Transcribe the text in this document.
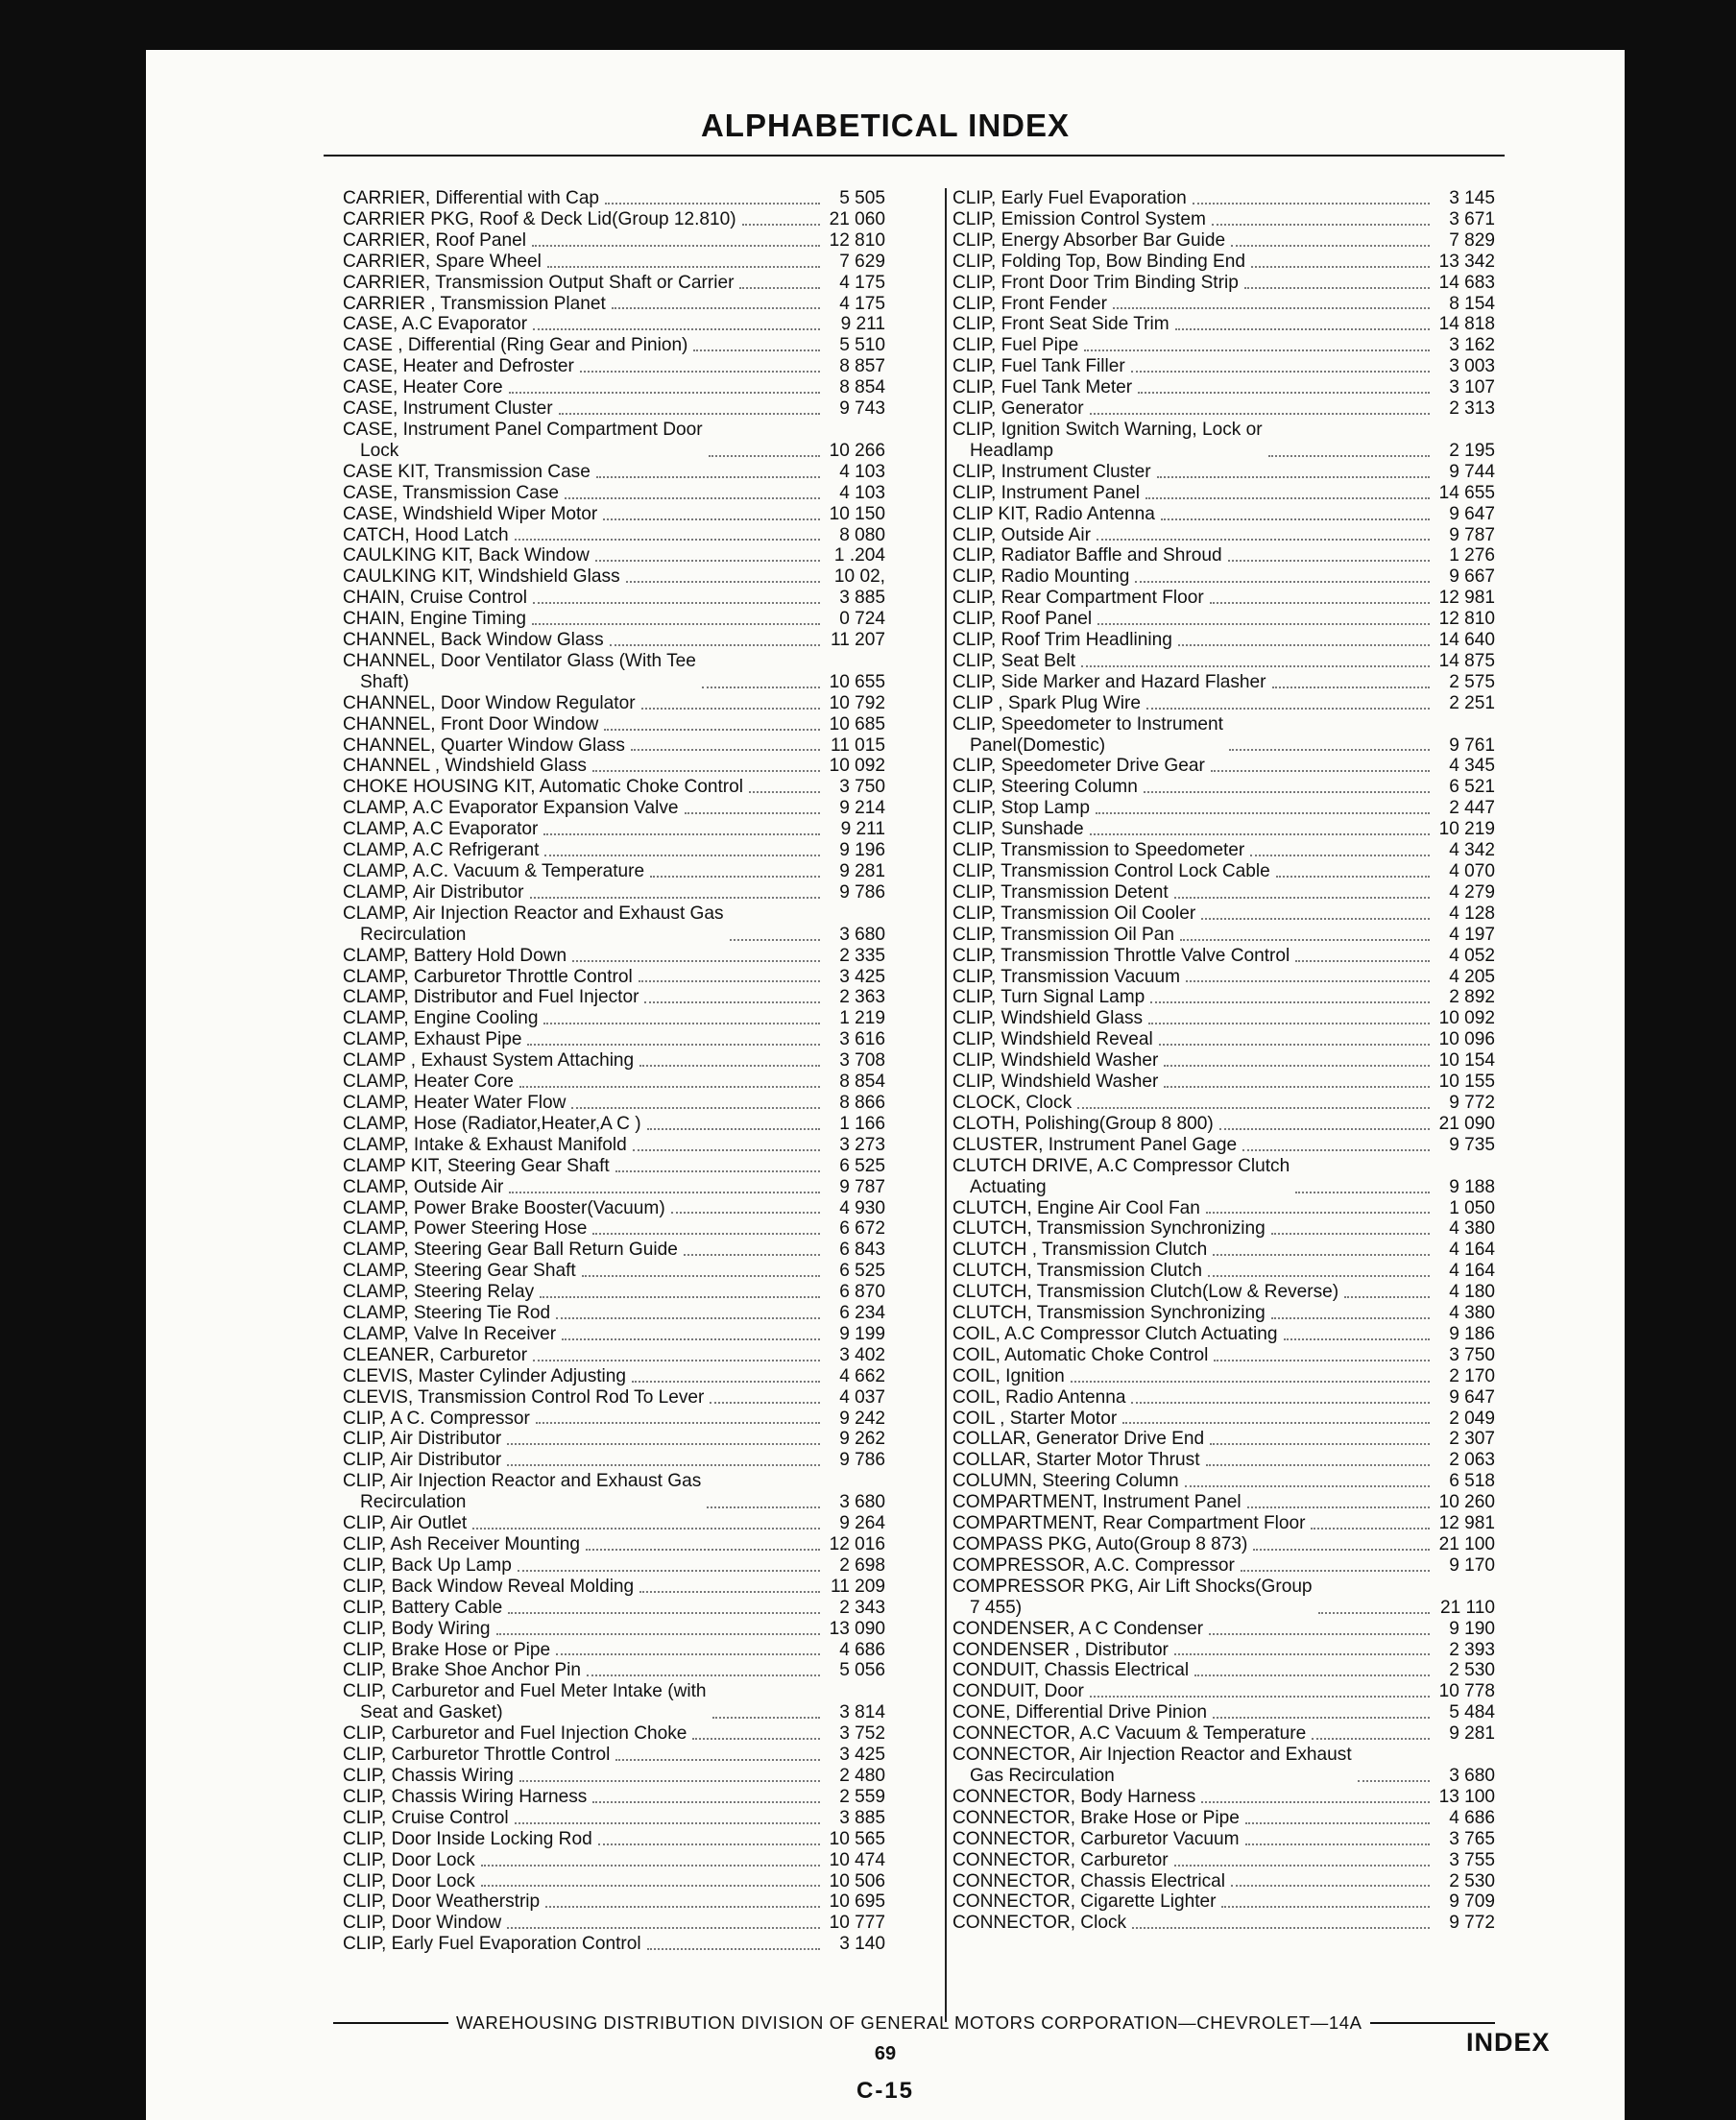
ALPHABETICAL INDEX
CARRIER, Differential with Cap	5 505
CARRIER PKG, Roof & Deck Lid(Group 12.810)	21 060
CARRIER, Roof Panel	12 810
CARRIER, Spare Wheel	7 629
CARRIER, Transmission Output Shaft or Carrier	4 175
CARRIER , Transmission Planet	4 175
CASE, A.C Evaporator	9 211
CASE , Differential (Ring Gear and Pinion)	5 510
CASE, Heater and Defroster	8 857
CASE, Heater Core	8 854
CASE, Instrument Cluster	9 743
CASE, Instrument Panel Compartment Door
Lock	10 266
CASE KIT, Transmission Case	4 103
CASE, Transmission Case	4 103
CASE, Windshield Wiper Motor	10 150
CATCH, Hood Latch	8 080
CAULKING KIT, Back Window	1 .204
CAULKING KIT, Windshield Glass	10 02,
CHAIN, Cruise Control	3 885
CHAIN, Engine Timing	0 724
CHANNEL, Back Window Glass	11 207
CHANNEL, Door Ventilator Glass (With Tee
Shaft)	10 655
CHANNEL, Door Window Regulator	10 792
CHANNEL, Front Door Window	10 685
CHANNEL, Quarter Window Glass	11 015
CHANNEL , Windshield Glass	10 092
CHOKE HOUSING KIT, Automatic Choke Control	3 750
CLAMP, A.C Evaporator Expansion Valve	9 214
CLAMP, A.C Evaporator	9 211
CLAMP, A.C Refrigerant	9 196
CLAMP, A.C. Vacuum & Temperature	9 281
CLAMP, Air Distributor	9 786
CLAMP, Air Injection Reactor and Exhaust Gas
Recirculation	3 680
CLAMP, Battery Hold Down	2 335
CLAMP, Carburetor Throttle Control	3 425
CLAMP, Distributor and Fuel Injector	2 363
CLAMP, Engine Cooling	1 219
CLAMP, Exhaust Pipe	3 616
CLAMP , Exhaust System Attaching	3 708
CLAMP, Heater Core	8 854
CLAMP, Heater Water Flow	8 866
CLAMP, Hose (Radiator,Heater,A C )	1 166
CLAMP, Intake & Exhaust Manifold	3 273
CLAMP KIT, Steering Gear Shaft	6 525
CLAMP, Outside Air	9 787
CLAMP, Power Brake Booster(Vacuum)	4 930
CLAMP, Power Steering Hose	6 672
CLAMP, Steering Gear Ball Return Guide	6 843
CLAMP, Steering Gear Shaft	6 525
CLAMP, Steering Relay	6 870
CLAMP, Steering Tie Rod	6 234
CLAMP, Valve In Receiver	9 199
CLEANER, Carburetor	3 402
CLEVIS, Master Cylinder Adjusting	4 662
CLEVIS, Transmission Control Rod To Lever	4 037
CLIP, A C. Compressor	9 242
CLIP, Air Distributor	9 262
CLIP, Air Distributor	9 786
CLIP, Air Injection Reactor and Exhaust Gas
Recirculation	3 680
CLIP, Air Outlet	9 264
CLIP, Ash Receiver Mounting	12 016
CLIP, Back Up Lamp	2 698
CLIP, Back Window Reveal Molding	11 209
CLIP, Battery Cable	2 343
CLIP, Body Wiring	13 090
CLIP, Brake Hose or Pipe	4 686
CLIP, Brake Shoe Anchor Pin	5 056
CLIP, Carburetor and Fuel Meter Intake (with
Seat and Gasket)	3 814
CLIP, Carburetor and Fuel Injection Choke	3 752
CLIP, Carburetor Throttle Control	3 425
CLIP, Chassis Wiring	2 480
CLIP, Chassis Wiring Harness	2 559
CLIP, Cruise Control	3 885
CLIP, Door Inside Locking Rod	10 565
CLIP, Door Lock	10 474
CLIP, Door Lock	10 506
CLIP, Door Weatherstrip	10 695
CLIP, Door Window	10 777
CLIP, Early Fuel Evaporation Control	3 140
CLIP, Early Fuel Evaporation	3 145
CLIP, Emission Control System	3 671
CLIP, Energy Absorber Bar Guide	7 829
CLIP, Folding Top, Bow Binding End	13 342
CLIP, Front Door Trim Binding Strip	14 683
CLIP, Front Fender	8 154
CLIP, Front Seat Side Trim	14 818
CLIP, Fuel Pipe	3 162
CLIP, Fuel Tank Filler	3 003
CLIP, Fuel Tank Meter	3 107
CLIP, Generator	2 313
CLIP, Ignition Switch Warning, Lock or
Headlamp	2 195
CLIP, Instrument Cluster	9 744
CLIP, Instrument Panel	14 655
CLIP KIT, Radio Antenna	9 647
CLIP, Outside Air	9 787
CLIP, Radiator Baffle and Shroud	1 276
CLIP, Radio Mounting	9 667
CLIP, Rear Compartment Floor	12 981
CLIP, Roof Panel	12 810
CLIP, Roof Trim Headlining	14 640
CLIP, Seat Belt	14 875
CLIP, Side Marker and Hazard Flasher	2 575
CLIP , Spark Plug Wire	2 251
CLIP, Speedometer to Instrument
Panel(Domestic)	9 761
CLIP, Speedometer Drive Gear	4 345
CLIP, Steering Column	6 521
CLIP, Stop Lamp	2 447
CLIP, Sunshade	10 219
CLIP, Transmission to Speedometer	4 342
CLIP, Transmission Control Lock Cable	4 070
CLIP, Transmission Detent	4 279
CLIP, Transmission Oil Cooler	4 128
CLIP, Transmission Oil Pan	4 197
CLIP, Transmission Throttle Valve Control	4 052
CLIP, Transmission Vacuum	4 205
CLIP, Turn Signal Lamp	2 892
CLIP, Windshield Glass	10 092
CLIP, Windshield Reveal	10 096
CLIP, Windshield Washer	10 154
CLIP, Windshield Washer	10 155
CLOCK, Clock	9 772
CLOTH, Polishing(Group 8 800)	21 090
CLUSTER, Instrument Panel Gage	9 735
CLUTCH DRIVE, A.C Compressor Clutch
Actuating	9 188
CLUTCH, Engine Air Cool Fan	1 050
CLUTCH, Transmission Synchronizing	4 380
CLUTCH , Transmission Clutch	4 164
CLUTCH, Transmission Clutch	4 164
CLUTCH, Transmission Clutch(Low & Reverse)	4 180
CLUTCH, Transmission Synchronizing	4 380
COIL, A.C Compressor Clutch Actuating	9 186
COIL, Automatic Choke Control	3 750
COIL, Ignition	2 170
COIL, Radio Antenna	9 647
COIL , Starter Motor	2 049
COLLAR, Generator Drive End	2 307
COLLAR, Starter Motor Thrust	2 063
COLUMN, Steering Column	6 518
COMPARTMENT, Instrument Panel	10 260
COMPARTMENT, Rear Compartment Floor	12 981
COMPASS PKG, Auto(Group 8 873)	21 100
COMPRESSOR, A.C. Compressor	9 170
COMPRESSOR PKG, Air Lift Shocks(Group
7 455)	21 110
CONDENSER, A C Condenser	9 190
CONDENSER , Distributor	2 393
CONDUIT, Chassis Electrical	2 530
CONDUIT, Door	10 778
CONE, Differential Drive Pinion	5 484
CONNECTOR, A.C Vacuum & Temperature	9 281
CONNECTOR, Air Injection Reactor and Exhaust
Gas Recirculation	3 680
CONNECTOR, Body Harness	13 100
CONNECTOR, Brake Hose or Pipe	4 686
CONNECTOR, Carburetor Vacuum	3 765
CONNECTOR, Carburetor	3 755
CONNECTOR, Chassis Electrical	2 530
CONNECTOR, Cigarette Lighter	9 709
CONNECTOR, Clock	9 772
WAREHOUSING DISTRIBUTION DIVISION OF GENERAL MOTORS CORPORATION—CHEVROLET—14A
INDEX
69
C-15
